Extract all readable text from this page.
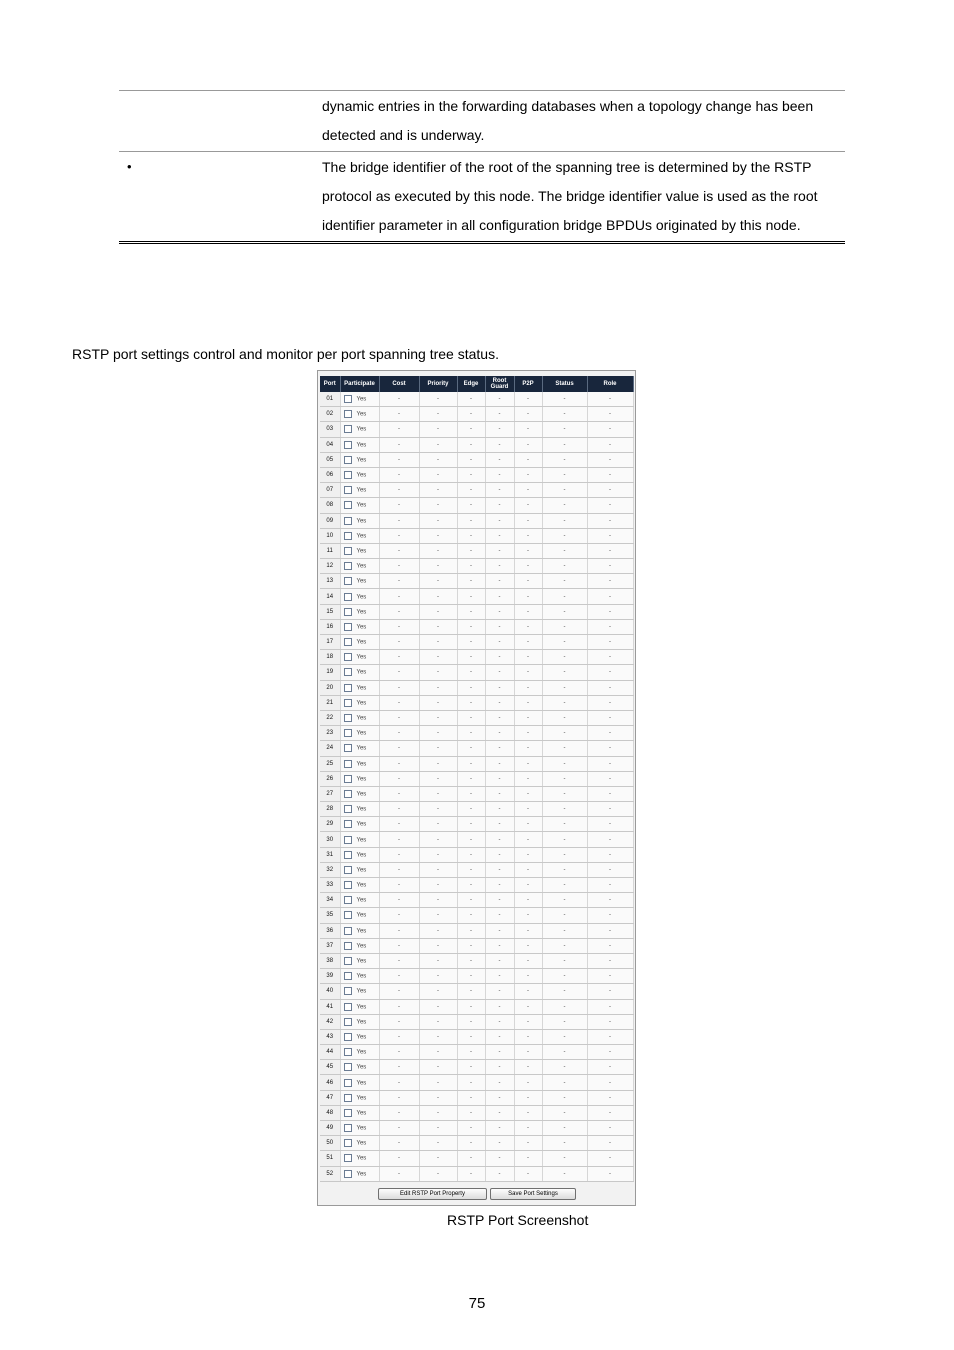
dynamic entries in the forwarding databases when a topology change has been
detected and is underway.
•	The bridge identifier of the root of the spanning tree is determined by the RSTP
protocol as executed by this node. The bridge identifier value is used as the root
identifier parameter in all configuration bridge BPDUs originated by this node.
RSTP port settings control and monitor per port spanning tree status.
Port	Participate	Cost	Priority	Edge	Root Guard	P2P	Status	Role
01	Yes	-	-	-	-	-	-	-
02	Yes	-	-	-	-	-	-	-
03	Yes	-	-	-	-	-	-	-
04	Yes	-	-	-	-	-	-	-
05	Yes	-	-	-	-	-	-	-
06	Yes	-	-	-	-	-	-	-
07	Yes	-	-	-	-	-	-	-
08	Yes	-	-	-	-	-	-	-
09	Yes	-	-	-	-	-	-	-
10	Yes	-	-	-	-	-	-	-
11	Yes	-	-	-	-	-	-	-
12	Yes	-	-	-	-	-	-	-
13	Yes	-	-	-	-	-	-	-
14	Yes	-	-	-	-	-	-	-
15	Yes	-	-	-	-	-	-	-
16	Yes	-	-	-	-	-	-	-
17	Yes	-	-	-	-	-	-	-
18	Yes	-	-	-	-	-	-	-
19	Yes	-	-	-	-	-	-	-
20	Yes	-	-	-	-	-	-	-
21	Yes	-	-	-	-	-	-	-
22	Yes	-	-	-	-	-	-	-
23	Yes	-	-	-	-	-	-	-
24	Yes	-	-	-	-	-	-	-
25	Yes	-	-	-	-	-	-	-
26	Yes	-	-	-	-	-	-	-
27	Yes	-	-	-	-	-	-	-
28	Yes	-	-	-	-	-	-	-
29	Yes	-	-	-	-	-	-	-
30	Yes	-	-	-	-	-	-	-
31	Yes	-	-	-	-	-	-	-
32	Yes	-	-	-	-	-	-	-
33	Yes	-	-	-	-	-	-	-
34	Yes	-	-	-	-	-	-	-
35	Yes	-	-	-	-	-	-	-
36	Yes	-	-	-	-	-	-	-
37	Yes	-	-	-	-	-	-	-
38	Yes	-	-	-	-	-	-	-
39	Yes	-	-	-	-	-	-	-
40	Yes	-	-	-	-	-	-	-
41	Yes	-	-	-	-	-	-	-
42	Yes	-	-	-	-	-	-	-
43	Yes	-	-	-	-	-	-	-
44	Yes	-	-	-	-	-	-	-
45	Yes	-	-	-	-	-	-	-
46	Yes	-	-	-	-	-	-	-
47	Yes	-	-	-	-	-	-	-
48	Yes	-	-	-	-	-	-	-
49	Yes	-	-	-	-	-	-	-
50	Yes	-	-	-	-	-	-	-
51	Yes	-	-	-	-	-	-	-
52	Yes	-	-	-	-	-	-	-
Edit RSTP Port Property	Save Port Settings
RSTP Port Screenshot
75
